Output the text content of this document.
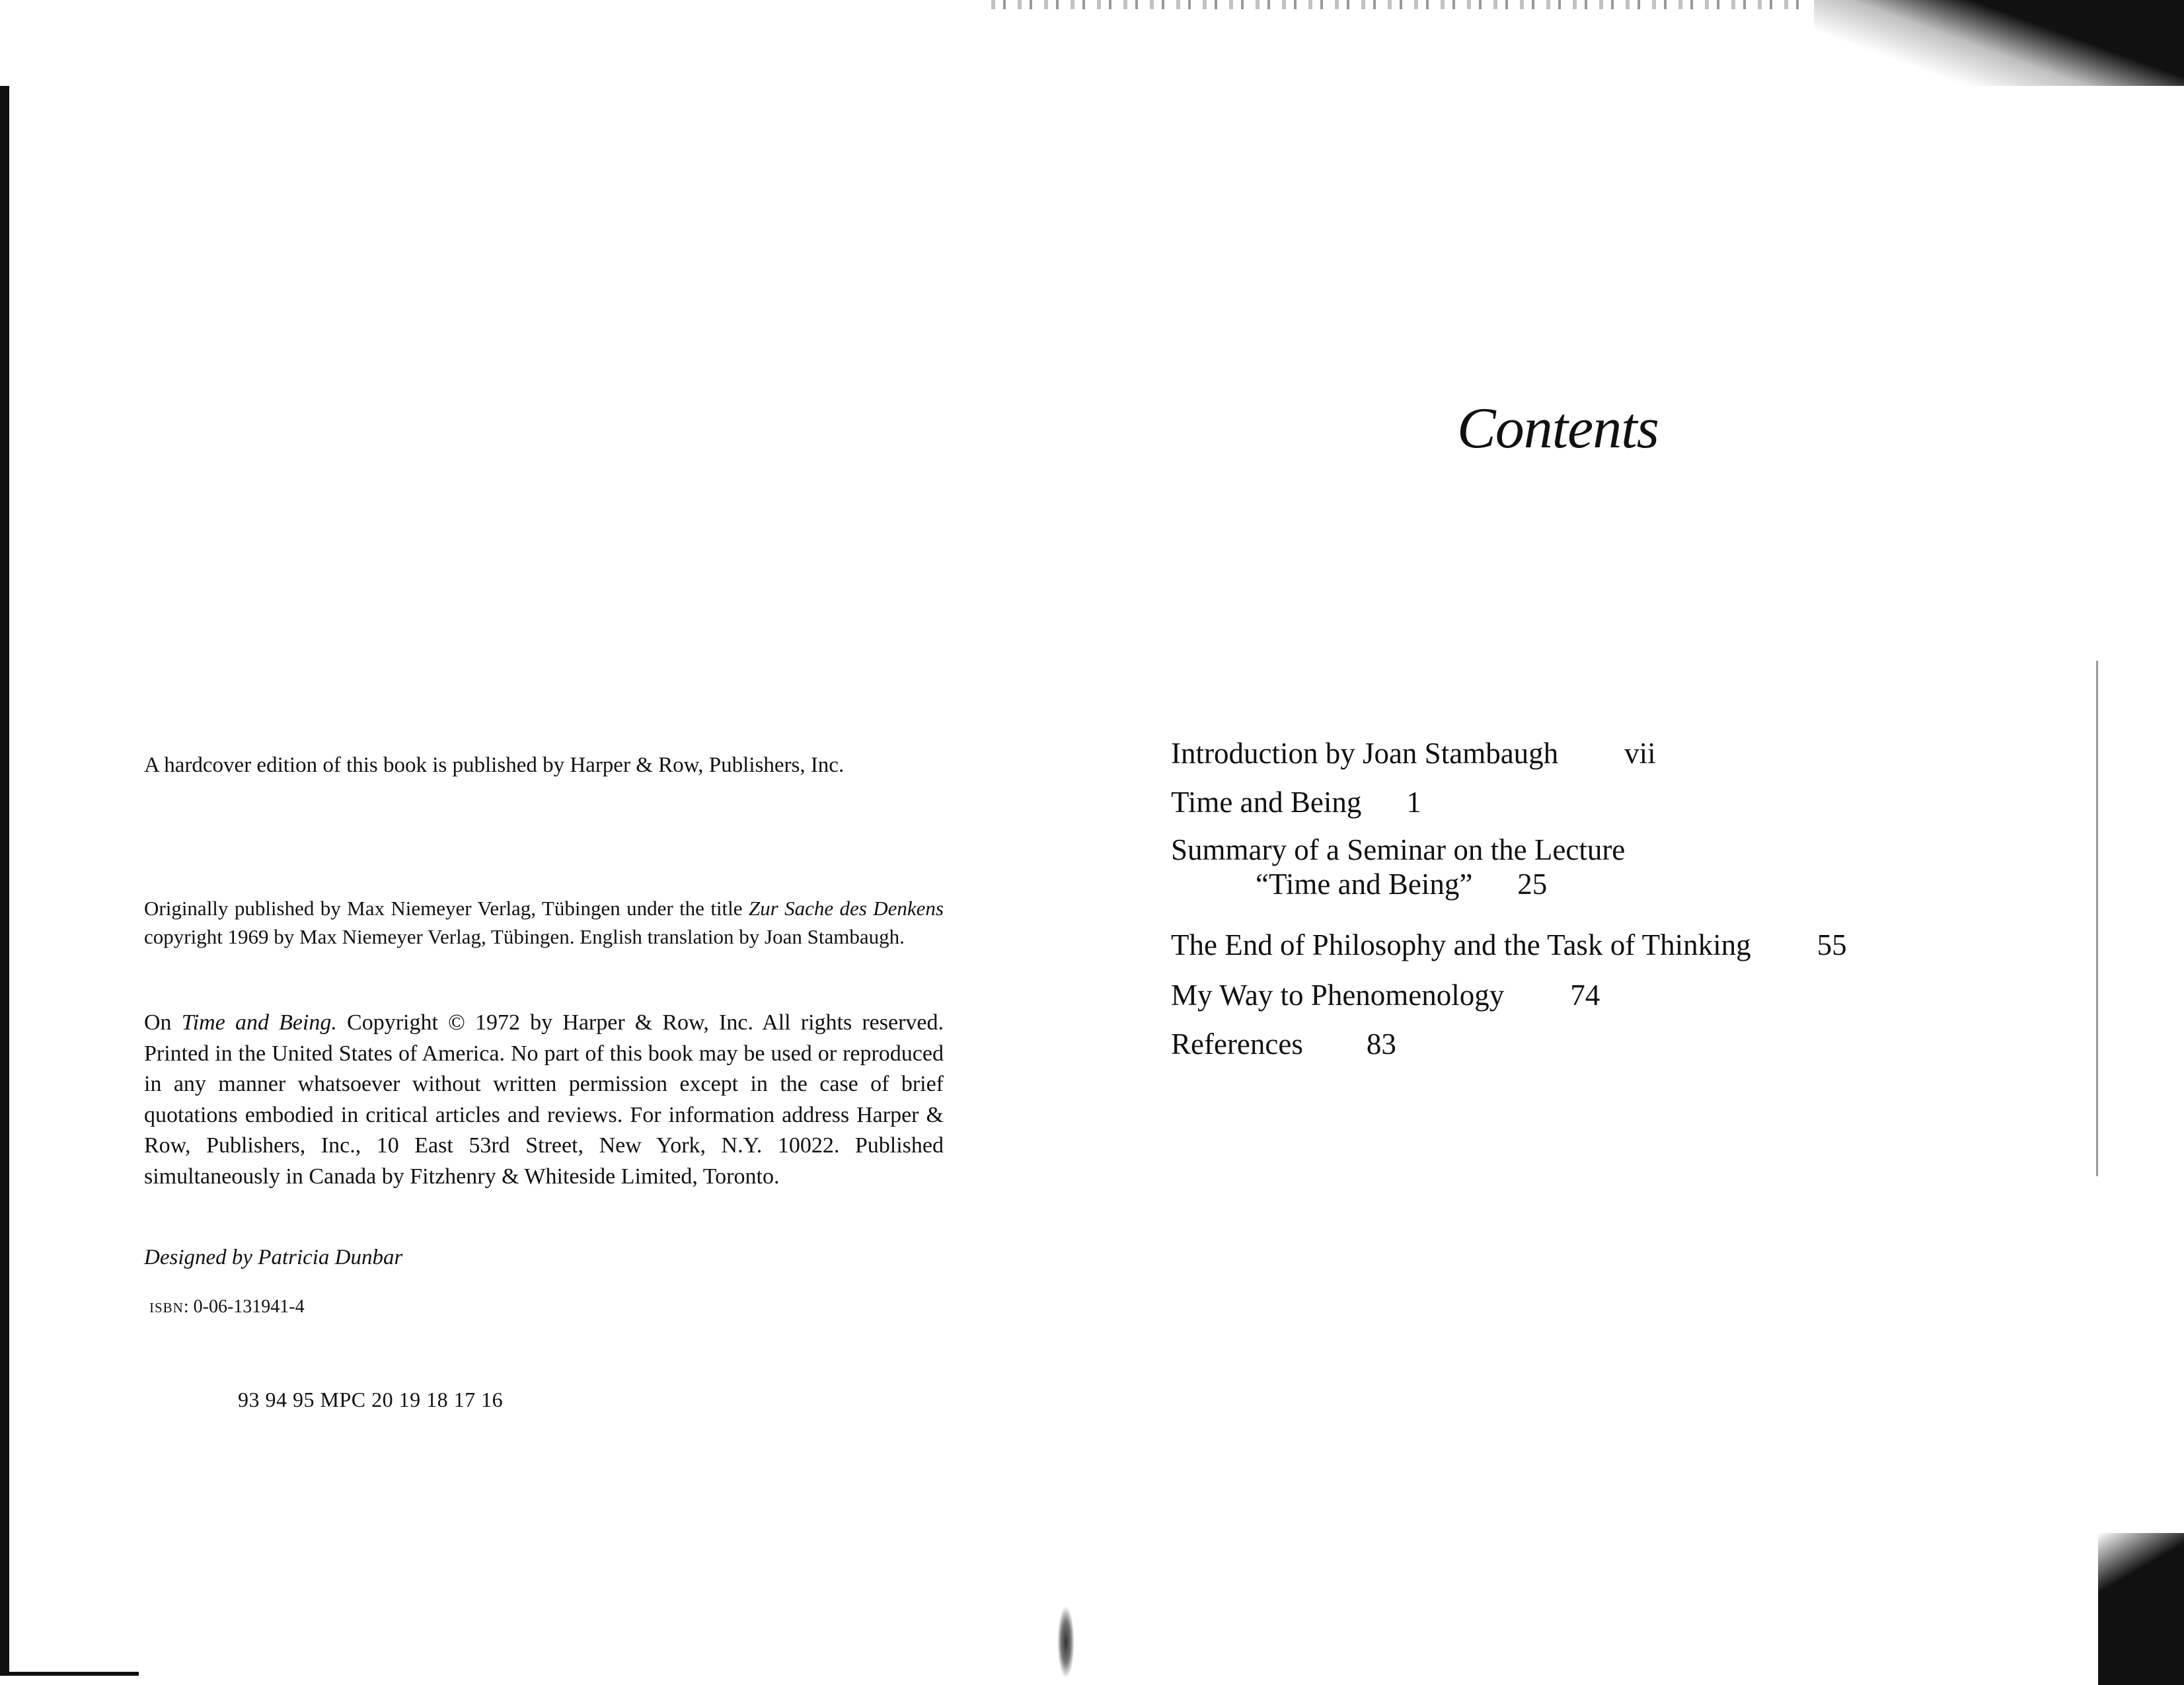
A hardcover edition of this book is published by Harper & Row, Publishers, Inc.

Originally published by Max Niemeyer Verlag, Tübingen under the title Zur Sache des Denkens copyright 1969 by Max Niemeyer Verlag, Tübingen. English translation by Joan Stambaugh.

On Time and Being. Copyright © 1972 by Harper & Row, Inc. All rights reserved. Printed in the United States of America. No part of this book may be used or reproduced in any manner whatsoever without written permission except in the case of brief quotations embodied in critical articles and reviews. For information address Harper & Row, Publishers, Inc., 10 East 53rd Street, New York, N.Y. 10022. Published simultaneously in Canada by Fitzhenry & Whiteside Limited, Toronto.

Designed by Patricia Dunbar

ISBN: 0-06-131941-4

93 94 95 MPC 20 19 18 17 16

Contents
Introduction by Joan Stambaugh vii
Time and Being 1
Summary of a Seminar on the Lecture
“Time and Being” 25
The End of Philosophy and the Task of Thinking 55
My Way to Phenomenology 74
References 83
